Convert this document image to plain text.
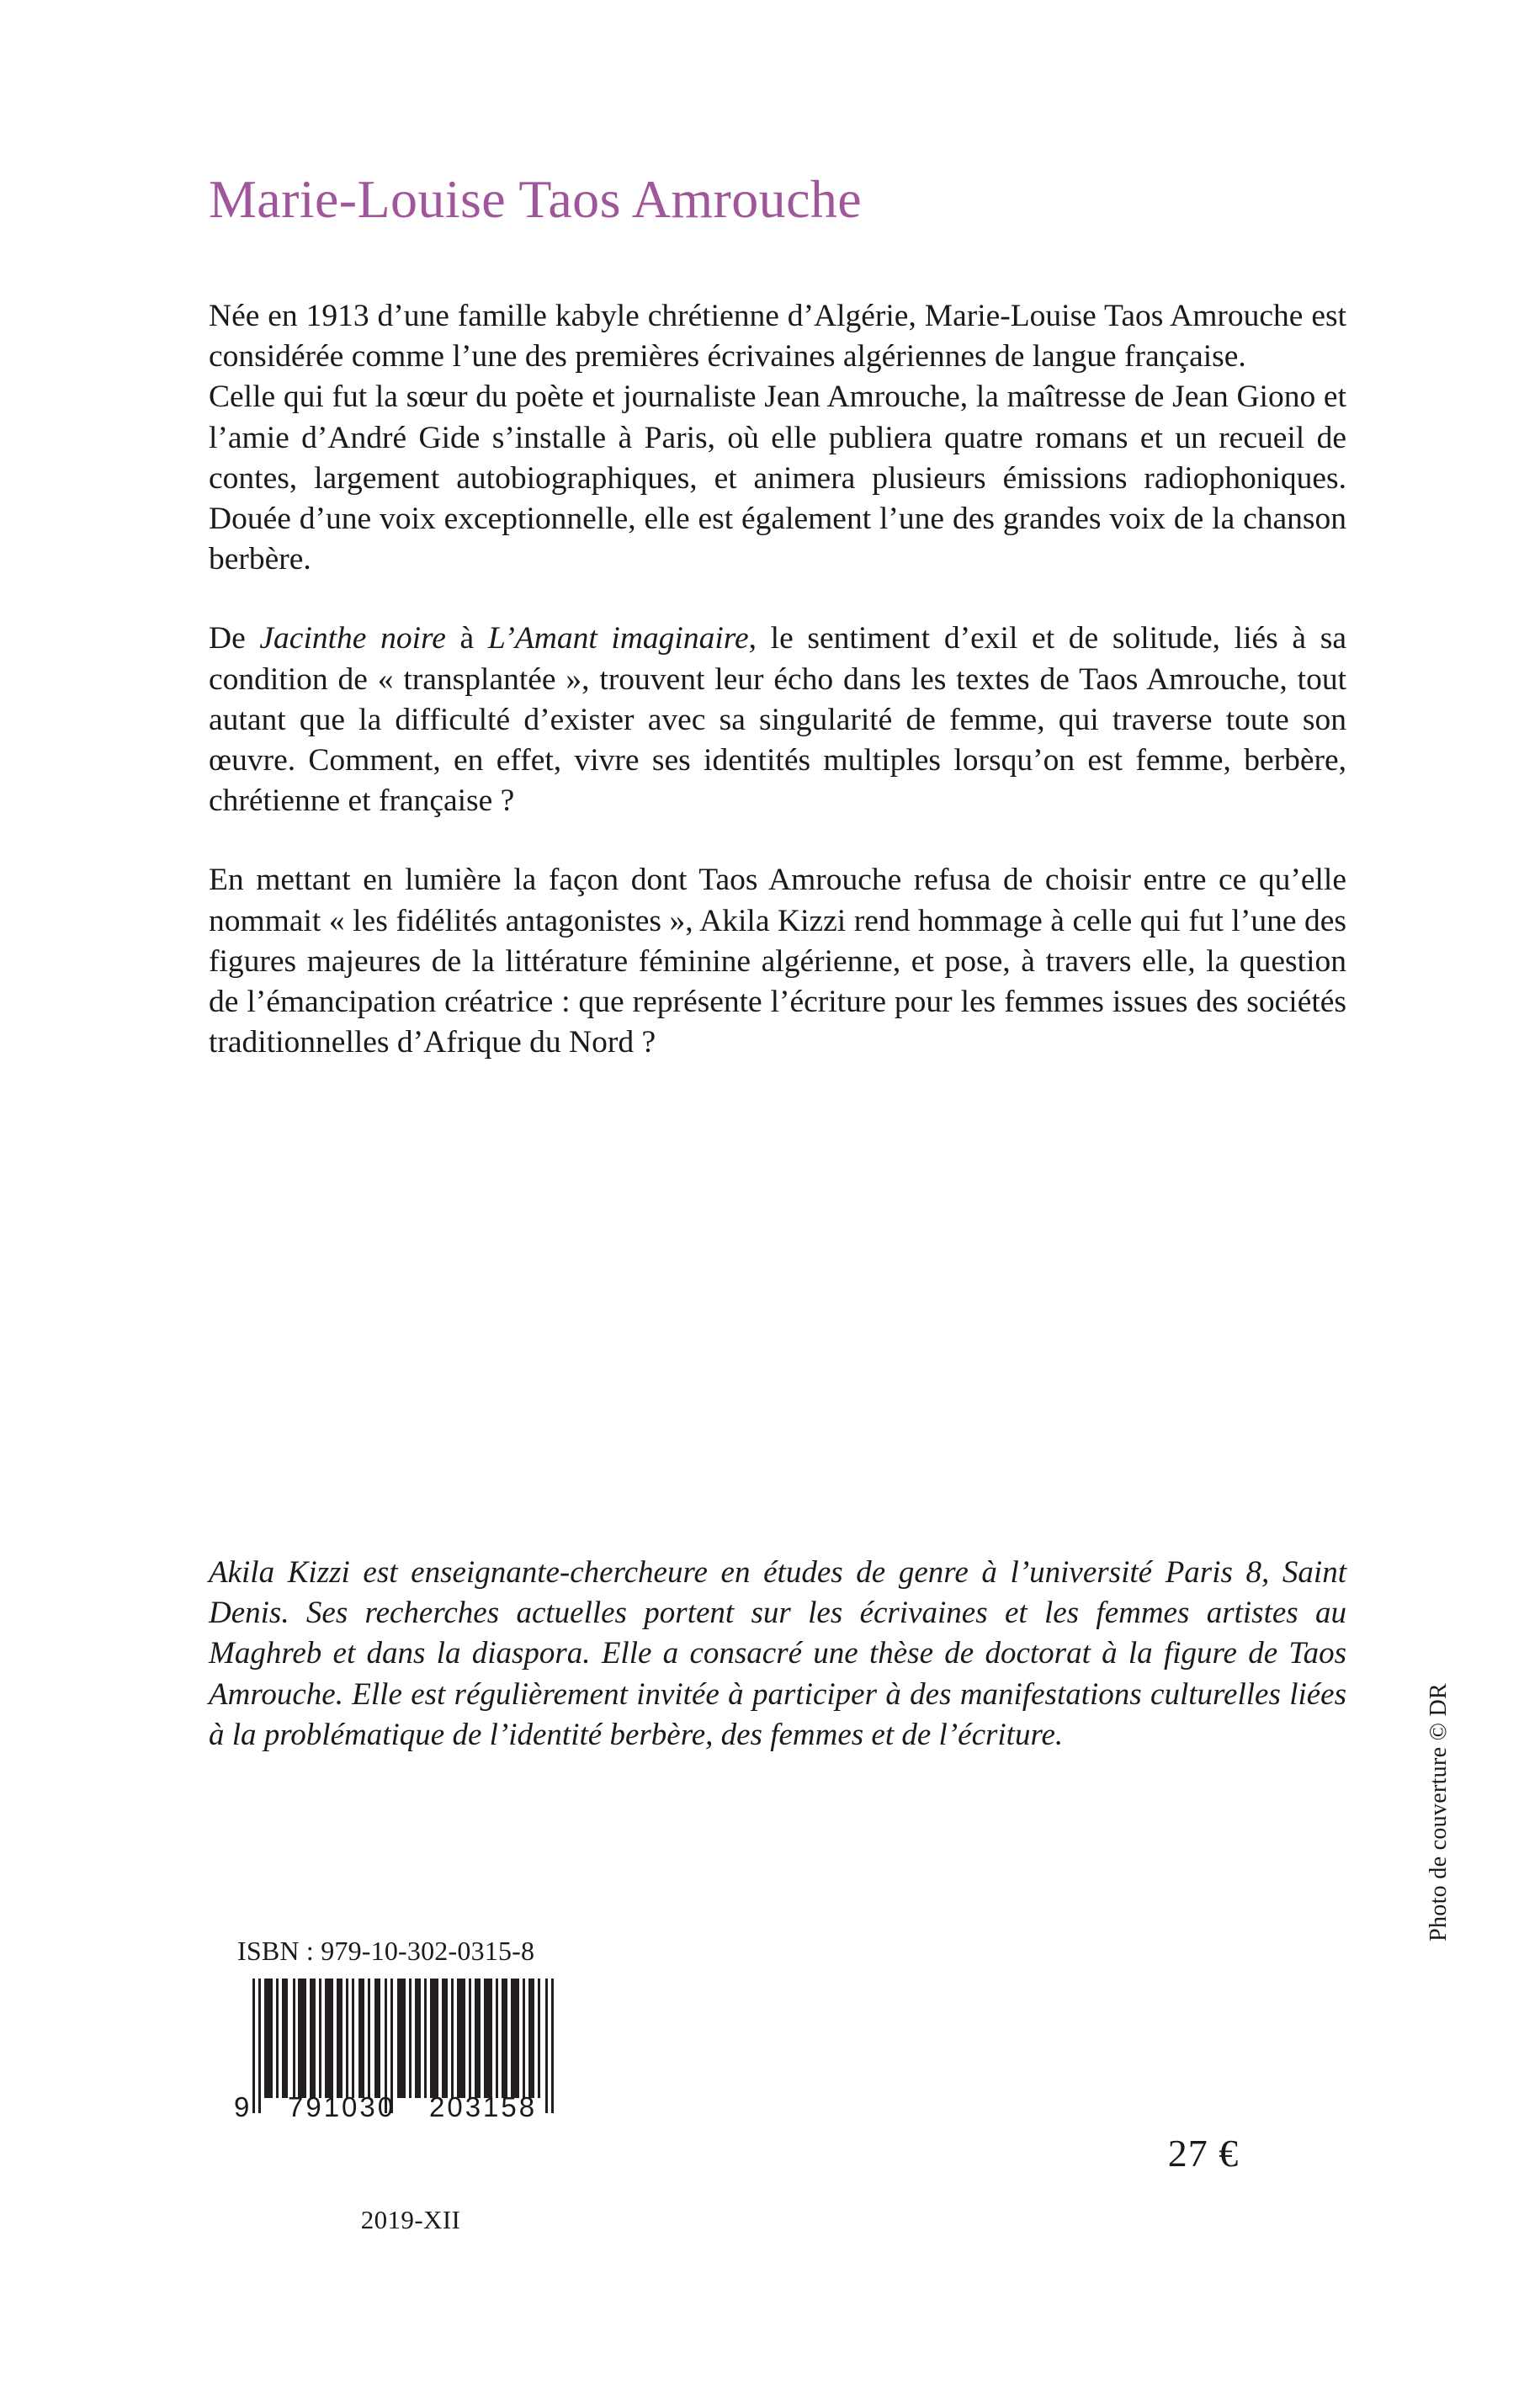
Marie-Louise Taos Amrouche

Née en 1913 d’une famille kabyle chrétienne d’Algérie, Marie-Louise Taos Amrouche est considérée comme l’une des premières écrivaines algériennes de langue française.

Celle qui fut la sœur du poète et journaliste Jean Amrouche, la maîtresse de Jean Giono et l’amie d’André Gide s’installe à Paris, où elle publiera quatre romans et un recueil de contes, largement autobiographiques, et animera plusieurs émissions radiophoniques. Douée d’une voix exceptionnelle, elle est également l’une des grandes voix de la chanson berbère.

De Jacinthe noire à L’Amant imaginaire, le sentiment d’exil et de solitude, liés à sa condition de « transplantée », trouvent leur écho dans les textes de Taos Amrouche, tout autant que la difficulté d’exister avec sa singularité de femme, qui traverse toute son œuvre. Comment, en effet, vivre ses identités multiples lorsqu’on est femme, berbère, chrétienne et française ?

En mettant en lumière la façon dont Taos Amrouche refusa de choisir entre ce qu’elle nommait « les fidélités antagonistes », Akila Kizzi rend hommage à celle qui fut l’une des figures majeures de la littérature féminine algérienne, et pose, à travers elle, la question de l’émancipation créatrice : que représente l’écriture pour les femmes issues des sociétés traditionnelles d’Afrique du Nord ?

Akila Kizzi est enseignante-chercheure en études de genre à l’université Paris 8, Saint Denis. Ses recherches actuelles portent sur les écrivaines et les femmes artistes au Maghreb et dans la diaspora. Elle a consacré une thèse de doctorat à la figure de Taos Amrouche. Elle est régulièrement invitée à participer à des manifestations culturelles liées à la problématique de l’identité berbère, des femmes et de l’écriture.	Photo de couverture © DR
ISBN : 979-10-302-0315-8
9 791030 203158
2019-XII
27 €
